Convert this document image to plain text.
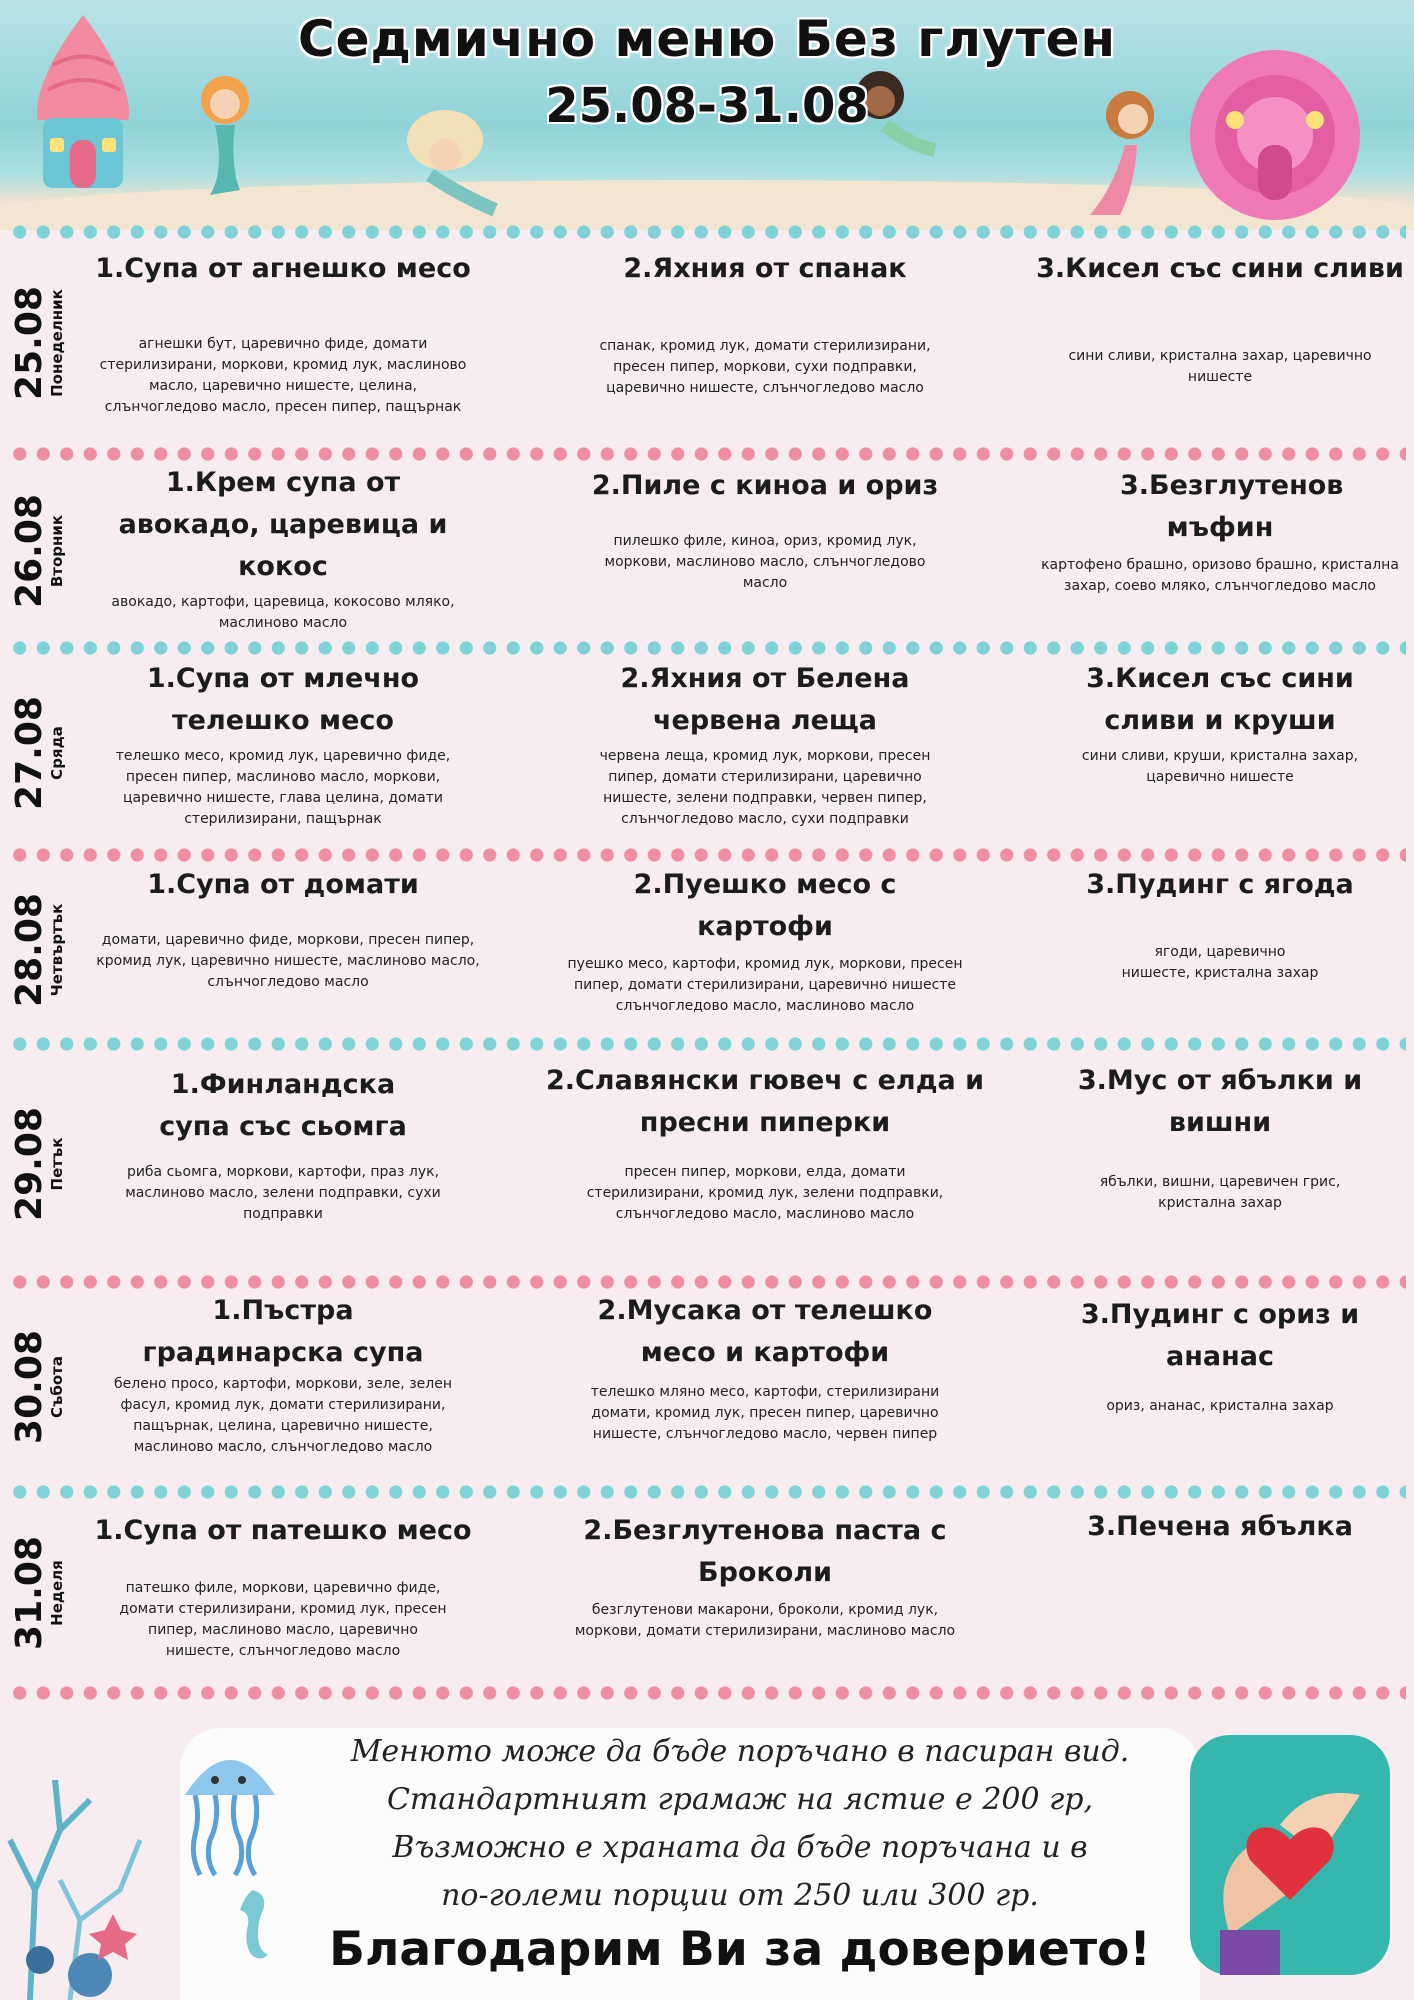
Седмично меню Без глутен
25.08-31.08
25.08
Понеделник
1.Супа от агнешко месо
агнешки бут, царевично фиде, домати стерилизирани, моркови, кромид лук, маслиново масло, царевично нишесте, целина, слънчогледово масло, пресен пипер, пащърнак
2.Яхния от спанак
спанак, кромид лук, домати стерилизирани, пресен пипер, моркови, сухи подправки, царевично нишесте, слънчогледово масло
3.Кисел със сини сливи
сини сливи, кристална захар, царевично нишесте
26.08
Вторник
1.Крем супа от авокадо, царевица и кокос
авокадо, картофи, царевица, кокосово мляко, маслиново масло
2.Пиле с киноа и ориз
пилешко филе, киноа, ориз, кромид лук, моркови, маслиново масло, слънчогледово масло
3.Безглутенов мъфин
картофено брашно, оризово брашно, кристална захар, соево мляко, слънчогледово масло
27.08
Сряда
1.Супа от млечно телешко месо
телешко месо, кромид лук, царевично фиде, пресен пипер, маслиново масло, моркови, царевично нишесте, глава целина, домати стерилизирани, пащърнак
2.Яхния от Белена червена леща
червена леща, кромид лук, моркови, пресен пипер, домати стерилизирани, царевично нишесте, зелени подправки, червен пипер, слънчогледово масло, сухи подправки
3.Кисел със сини сливи и круши
сини сливи, круши, кристална захар, царевично нишесте
28.08
Четвъртък
1.Супа от домати
домати, царевично фиде, моркови, пресен пипер, кромид лук, царевично нишесте, маслиново масло, слънчогледово масло
2.Пуешко месо с картофи
пуешко месо, картофи, кромид лук, моркови, пресен пипер, домати стерилизирани, царевично нишесте слънчогледово масло, маслиново масло
3.Пудинг с ягода
ягоди, царевично нишесте, кристална захар
29.08
Петък
1.Финландска супа със сьомга
риба сьомга, моркови, картофи, праз лук, маслиново масло, зелени подправки, сухи подправки
2.Славянски гювеч с елда и пресни пиперки
пресен пипер, моркови, елда, домати стерилизирани, кромид лук, зелени подправки, слънчогледово масло, маслиново масло
3.Мус от ябълки и вишни
ябълки, вишни, царевичен грис, кристална захар
30.08
Събота
1.Пъстра градинарска супа
белено просо, картофи, моркови, зеле, зелен фасул, кромид лук, домати стерилизирани, пащърнак, целина, царевично нишесте, маслиново масло, слънчогледово масло
2.Мусака от телешко месо и картофи
телешко мляно месо, картофи, стерилизирани домати, кромид лук, пресен пипер, царевично нишесте, слънчогледово масло, червен пипер
3.Пудинг с ориз и ананас
ориз, ананас, кристална захар
31.08
Неделя
1.Супа от патешко месо
патешко филе, моркови, царевично фиде, домати стерилизирани, кромид лук, пресен пипер, маслиново масло, царевично нишесте, слънчогледово масло
2.Безглутенова паста с Броколи
безглутенови макарони, броколи, кромид лук, моркови, домати стерилизирани, маслиново масло
3.Печена ябълка
Менюто може да бъде поръчано в пасиран вид.
Стандартният грамаж на ястие е 200 гр,
Възможно е храната да бъде поръчана и в
по-големи порции от 250 или 300 гр.
Благодарим Ви за доверието!
